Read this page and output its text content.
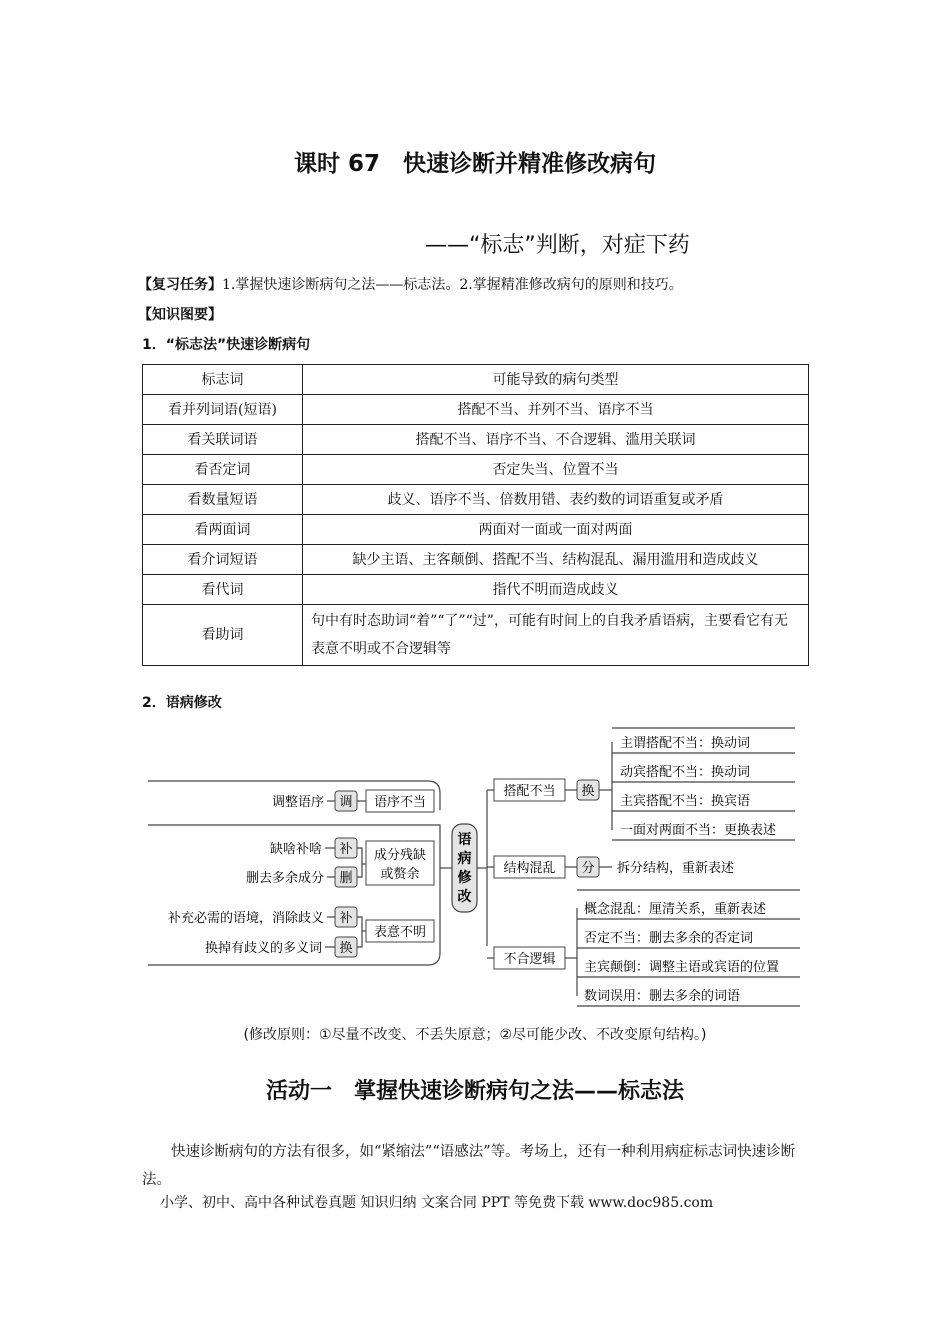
课时 67　快速诊断并精准修改病句
——“标志”判断，对症下药
【复习任务】1.掌握快速诊断病句之法——标志法。2.掌握精准修改病句的原则和技巧。
【知识图要】
1．“标志法”快速诊断病句
标志词	可能导致的病句类型
看并列词语(短语)	搭配不当、并列不当、语序不当
看关联词语	搭配不当、语序不当、不合逻辑、滥用关联词
看否定词	否定失当、位置不当
看数量短语	歧义、语序不当、倍数用错、表约数的词语重复或矛盾
看两面词	两面对一面或一面对两面
看介词短语	缺少主语、主客颠倒、搭配不当、结构混乱、漏用滥用和造成歧义
看代词	指代不明而造成歧义
看助词	句中有时态助词“着”“了”“过”，可能有时间上的自我矛盾语病，主要看它有无表意不明或不合逻辑等
2．语病修改
语
病
修
改
调整语序 调 语序不当
缺啥补啥 补
删去多余成分 删
成分残缺
或赘余
补充必需的语境，消除歧义 补
换掉有歧义的多义词 换
表意不明
搭配不当 换
主谓搭配不当：换动词
动宾搭配不当：换动词
主宾搭配不当：换宾语
一面对两面不当：更换表述
结构混乱 分 拆分结构，重新表述
不合逻辑
概念混乱：厘清关系，重新表述
否定不当：删去多余的否定词
主宾颠倒：调整主语或宾语的位置
数词误用：删去多余的词语
(修改原则：①尽量不改变、不丢失原意；②尽可能少改、不改变原句结构。)
活动一　掌握快速诊断病句之法——标志法
快速诊断病句的方法有很多，如“紧缩法”“语感法”等。考场上，还有一种利用病症标志词快速诊断法。
小学、初中、高中各种试卷真题 知识归纳 文案合同 PPT 等免费下载 www.doc985.com
